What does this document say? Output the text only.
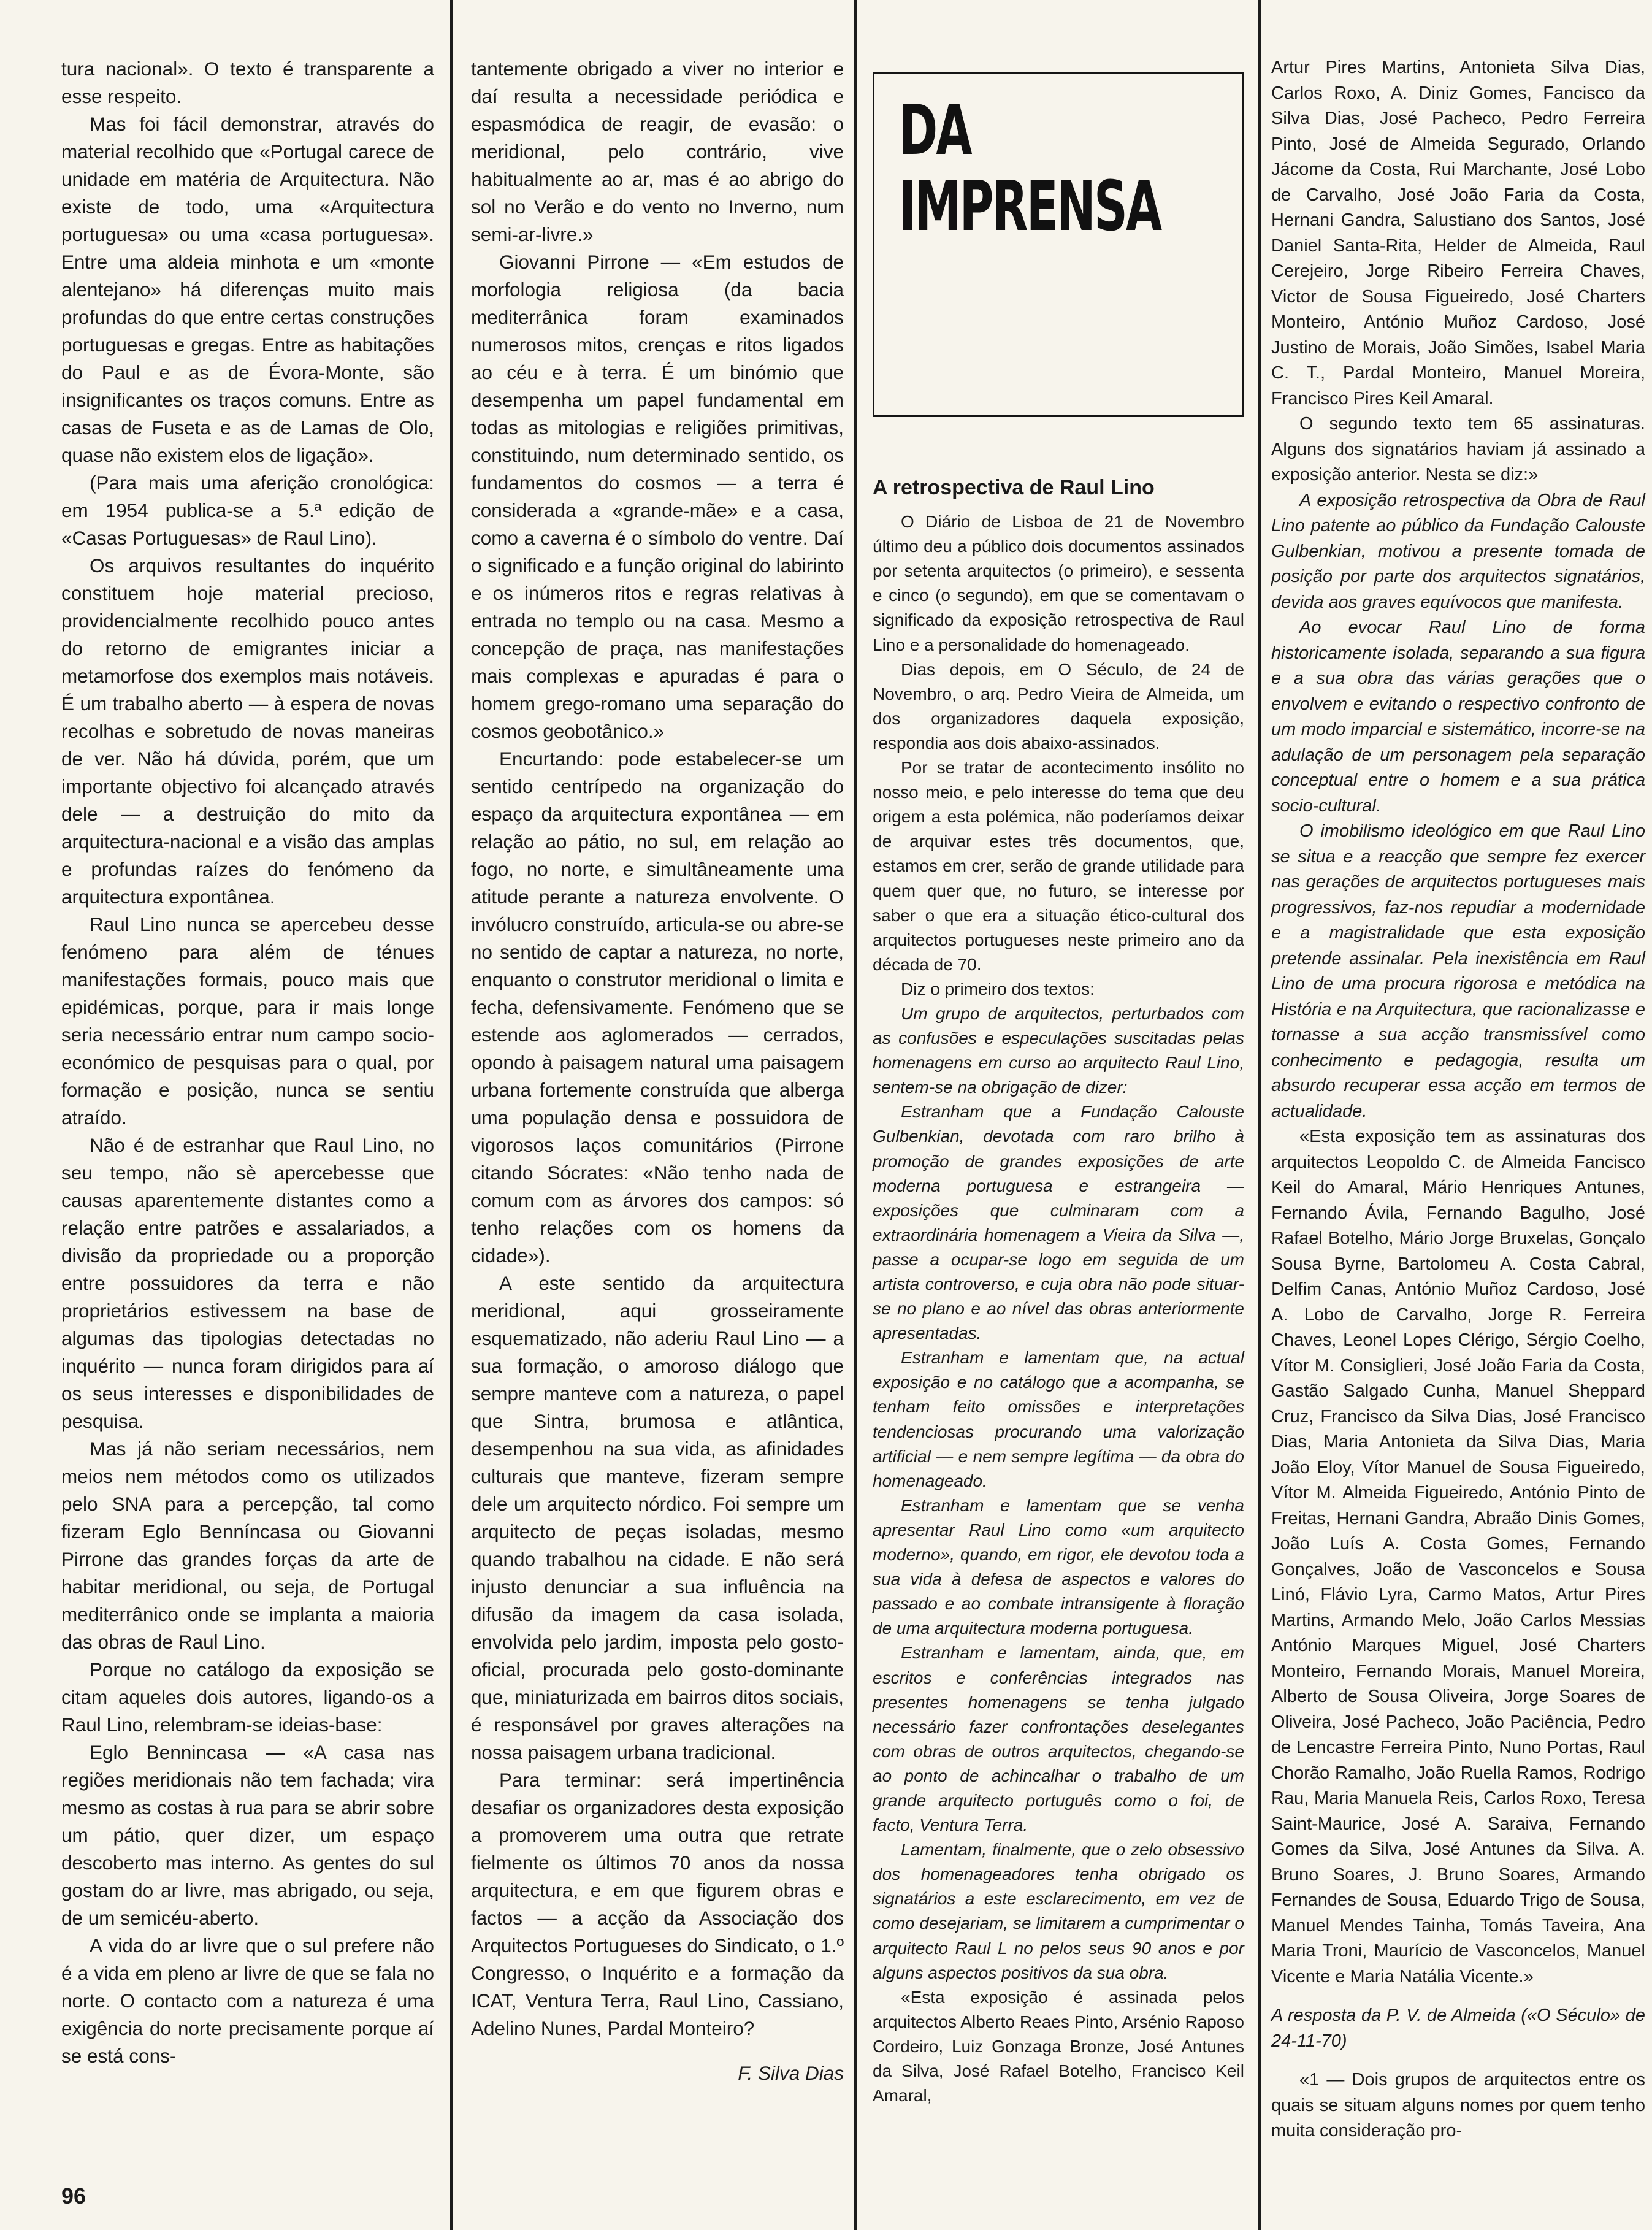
tura nacional». O texto é transparente a esse respeito.

Mas foi fácil demonstrar, através do material recolhido que «Portugal carece de unidade em matéria de Arquitectura. Não existe de todo, uma «Arquitectura portuguesa» ou uma «casa portuguesa». Entre uma aldeia minhota e um «monte alentejano» há diferenças muito mais profundas do que entre certas construções portuguesas e gregas. Entre as habitações do Paul e as de Évora-Monte, são insignificantes os traços comuns. Entre as casas de Fuseta e as de Lamas de Olo, quase não existem elos de ligação».

(Para mais uma aferição cronológica: em 1954 publica-se a 5.ª edição de «Casas Portuguesas» de Raul Lino).

Os arquivos resultantes do inquérito constituem hoje material precioso, providencialmente recolhido pouco antes do retorno de emigrantes iniciar a metamorfose dos exemplos mais notáveis. É um trabalho aberto — à espera de novas recolhas e sobretudo de novas maneiras de ver. Não há dúvida, porém, que um importante objectivo foi alcançado através dele — a destruição do mito da arquitectura-nacional e a visão das amplas e profundas raízes do fenómeno da arquitectura expontânea.

Raul Lino nunca se apercebeu desse fenómeno para além de ténues manifestações formais, pouco mais que epidémicas, porque, para ir mais longe seria necessário entrar num campo socio-económico de pesquisas para o qual, por formação e posição, nunca se sentiu atraído.

Não é de estranhar que Raul Lino, no seu tempo, não sè apercebesse que causas aparentemente distantes como a relação entre patrões e assalariados, a divisão da propriedade ou a proporção entre possuidores da terra e não proprietários estivessem na base de algumas das tipologias detectadas no inquérito — nunca foram dirigidos para aí os seus interesses e disponibilidades de pesquisa.

Mas já não seriam necessários, nem meios nem métodos como os utilizados pelo SNA para a percepção, tal como fizeram Eglo Benníncasa ou Giovanni Pirrone das grandes forças da arte de habitar meridional, ou seja, de Portugal mediterrânico onde se implanta a maioria das obras de Raul Lino.

Porque no catálogo da exposição se citam aqueles dois autores, ligando-os a Raul Lino, relembram-se ideias-base:

Eglo Bennincasa — «A casa nas regiões meridionais não tem fachada; vira mesmo as costas à rua para se abrir sobre um pátio, quer dizer, um espaço descoberto mas interno. As gentes do sul gostam do ar livre, mas abrigado, ou seja, de um semicéu-aberto.

A vida do ar livre que o sul prefere não é a vida em pleno ar livre de que se fala no norte. O contacto com a natureza é uma exigência do norte precisamente porque aí se está cons-

tantemente obrigado a viver no interior e daí resulta a necessidade periódica e espasmódica de reagir, de evasão: o meridional, pelo contrário, vive habitualmente ao ar, mas é ao abrigo do sol no Verão e do vento no Inverno, num semi-ar-livre.»

Giovanni Pirrone — «Em estudos de morfologia religiosa (da bacia mediterrânica foram examinados numerosos mitos, crenças e ritos ligados ao céu e à terra. É um binómio que desempenha um papel fundamental em todas as mitologias e religiões primitivas, constituindo, num determinado sentido, os fundamentos do cosmos — a terra é considerada a «grande-mãe» e a casa, como a caverna é o símbolo do ventre. Daí o significado e a função original do labirinto e os inúmeros ritos e regras relativas à entrada no templo ou na casa. Mesmo a concepção de praça, nas manifestações mais complexas e apuradas é para o homem grego-romano uma separação do cosmos geobotânico.»

Encurtando: pode estabelecer-se um sentido centrípedo na organização do espaço da arquitectura expontânea — em relação ao pátio, no sul, em relação ao fogo, no norte, e simultâneamente uma atitude perante a natureza envolvente. O invólucro construído, articula-se ou abre-se no sentido de captar a natureza, no norte, enquanto o construtor meridional o limita e fecha, defensivamente. Fenómeno que se estende aos aglomerados — cerrados, opondo à paisagem natural uma paisagem urbana fortemente construída que alberga uma população densa e possuidora de vigorosos laços comunitários (Pirrone citando Sócrates: «Não tenho nada de comum com as árvores dos campos: só tenho relações com os homens da cidade»).

A este sentido da arquitectura meridional, aqui grosseiramente esquematizado, não aderiu Raul Lino — a sua formação, o amoroso diálogo que sempre manteve com a natureza, o papel que Sintra, brumosa e atlântica, desempenhou na sua vida, as afinidades culturais que manteve, fizeram sempre dele um arquitecto nórdico. Foi sempre um arquitecto de peças isoladas, mesmo quando trabalhou na cidade. E não será injusto denunciar a sua influência na difusão da imagem da casa isolada, envolvida pelo jardim, imposta pelo gosto-oficial, procurada pelo gosto-dominante que, miniaturizada em bairros ditos sociais, é responsável por graves alterações na nossa paisagem urbana tradicional.

Para terminar: será impertinência desafiar os organizadores desta exposição a promoverem uma outra que retrate fielmente os últimos 70 anos da nossa arquitectura, e em que figurem obras e factos — a acção da Associação dos Arquitectos Portugueses do Sindicato, o 1.º Congresso, o Inquérito e a formação da ICAT, Ventura Terra, Raul Lino, Cassiano, Adelino Nunes, Pardal Monteiro?

F. Silva Dias

DA
IMPRENSA

A retrospectiva de Raul Lino

O Diário de Lisboa de 21 de Novembro último deu a público dois documentos assinados por setenta arquitectos (o primeiro), e sessenta e cinco (o segundo), em que se comentavam o significado da exposição retrospectiva de Raul Lino e a personalidade do homenageado.

Dias depois, em O Século, de 24 de Novembro, o arq. Pedro Vieira de Almeida, um dos organizadores daquela exposição, respondia aos dois abaixo-assinados.

Por se tratar de acontecimento insólito no nosso meio, e pelo interesse do tema que deu origem a esta polémica, não poderíamos deixar de arquivar estes três documentos, que, estamos em crer, serão de grande utilidade para quem quer que, no futuro, se interesse por saber o que era a situação ético-cultural dos arquitectos portugueses neste primeiro ano da década de 70.

Diz o primeiro dos textos:

Um grupo de arquitectos, perturbados com as confusões e especulações suscitadas pelas homenagens em curso ao arquitecto Raul Lino, sentem-se na obrigação de dizer:

Estranham que a Fundação Calouste Gulbenkian, devotada com raro brilho à promoção de grandes exposições de arte moderna portuguesa e estrangeira — exposições que culminaram com a extraordinária homenagem a Vieira da Silva —, passe a ocupar-se logo em seguida de um artista controverso, e cuja obra não pode situar-se no plano e ao nível das obras anteriormente apresentadas.

Estranham e lamentam que, na actual exposição e no catálogo que a acompanha, se tenham feito omissões e interpretações tendenciosas procurando uma valorização artificial — e nem sempre legítima — da obra do homenageado.

Estranham e lamentam que se venha apresentar Raul Lino como «um arquitecto moderno», quando, em rigor, ele devotou toda a sua vida à defesa de aspectos e valores do passado e ao combate intransigente à floração de uma arquitectura moderna portuguesa.

Estranham e lamentam, ainda, que, em escritos e conferências integrados nas presentes homenagens se tenha julgado necessário fazer confrontações deselegantes com obras de outros arquitectos, chegando-se ao ponto de achincalhar o trabalho de um grande arquitecto português como o foi, de facto, Ventura Terra.

Lamentam, finalmente, que o zelo obsessivo dos homenageadores tenha obrigado os signatários a este esclarecimento, em vez de como desejariam, se limitarem a cumprimentar o arquitecto Raul L no pelos seus 90 anos e por alguns aspectos positivos da sua obra.

«Esta exposição é assinada pelos arquitectos Alberto Reaes Pinto, Arsénio Raposo Cordeiro, Luiz Gonzaga Bronze, José Antunes da Silva, José Rafael Botelho, Francisco Keil Amaral,

Artur Pires Martins, Antonieta Silva Dias, Carlos Roxo, A. Diniz Gomes, Fancisco da Silva Dias, José Pacheco, Pedro Ferreira Pinto, José de Almeida Segurado, Orlando Jácome da Costa, Rui Marchante, José Lobo de Carvalho, José João Faria da Costa, Hernani Gandra, Salustiano dos Santos, José Daniel Santa-Rita, Helder de Almeida, Raul Cerejeiro, Jorge Ribeiro Ferreira Chaves, Victor de Sousa Figueiredo, José Charters Monteiro, António Muñoz Cardoso, José Justino de Morais, João Simões, Isabel Maria C. T., Pardal Monteiro, Manuel Moreira, Francisco Pires Keil Amaral.

O segundo texto tem 65 assinaturas. Alguns dos signatários haviam já assinado a exposição anterior. Nesta se diz:»

A exposição retrospectiva da Obra de Raul Lino patente ao público da Fundação Calouste Gulbenkian, motivou a presente tomada de posição por parte dos arquitectos signatários, devida aos graves equívocos que manifesta.

Ao evocar Raul Lino de forma historicamente isolada, separando a sua figura e a sua obra das várias gerações que o envolvem e evitando o respectivo confronto de um modo imparcial e sistemático, incorre-se na adulação de um personagem pela separação conceptual entre o homem e a sua prática socio-cultural.

O imobilismo ideológico em que Raul Lino se situa e a reacção que sempre fez exercer nas gerações de arquitectos portugueses mais progressivos, faz-nos repudiar a modernidade e a magistralidade que esta exposição pretende assinalar. Pela inexistência em Raul Lino de uma procura rigorosa e metódica na História e na Arquitectura, que racionalizasse e tornasse a sua acção transmissível como conhecimento e pedagogia, resulta um absurdo recuperar essa acção em termos de actualidade.

«Esta exposição tem as assinaturas dos arquitectos Leopoldo C. de Almeida Fancisco Keil do Amaral, Mário Henriques Antunes, Fernando Ávila, Fernando Bagulho, José Rafael Botelho, Mário Jorge Bruxelas, Gonçalo Sousa Byrne, Bartolomeu A. Costa Cabral, Delfim Canas, António Muñoz Cardoso, José A. Lobo de Carvalho, Jorge R. Ferreira Chaves, Leonel Lopes Clérigo, Sérgio Coelho, Vítor M. Consiglieri, José João Faria da Costa, Gastão Salgado Cunha, Manuel Sheppard Cruz, Francisco da Silva Dias, José Francisco Dias, Maria Antonieta da Silva Dias, Maria João Eloy, Vítor Manuel de Sousa Figueiredo, Vítor M. Almeida Figueiredo, António Pinto de Freitas, Hernani Gandra, Abraão Dinis Gomes, João Luís A. Costa Gomes, Fernando Gonçalves, João de Vasconcelos e Sousa Linó, Flávio Lyra, Carmo Matos, Artur Pires Martins, Armando Melo, João Carlos Messias António Marques Miguel, José Charters Monteiro, Fernando Morais, Manuel Moreira, Alberto de Sousa Oliveira, Jorge Soares de Oliveira, José Pacheco, João Paciência, Pedro de Lencastre Ferreira Pinto, Nuno Portas, Raul Chorão Ramalho, João Ruella Ramos, Rodrigo Rau, Maria Manuela Reis, Carlos Roxo, Teresa Saint-Maurice, José A. Saraiva, Fernando Gomes da Silva, José Antunes da Silva. A. Bruno Soares, J. Bruno Soares, Armando Fernandes de Sousa, Eduardo Trigo de Sousa, Manuel Mendes Tainha, Tomás Taveira, Ana Maria Troni, Maurício de Vasconcelos, Manuel Vicente e Maria Natália Vicente.»

A resposta da P. V. de Almeida («O Século» de 24-11-70)

«1 — Dois grupos de arquitectos entre os quais se situam alguns nomes por quem tenho muita consideração pro-

96
